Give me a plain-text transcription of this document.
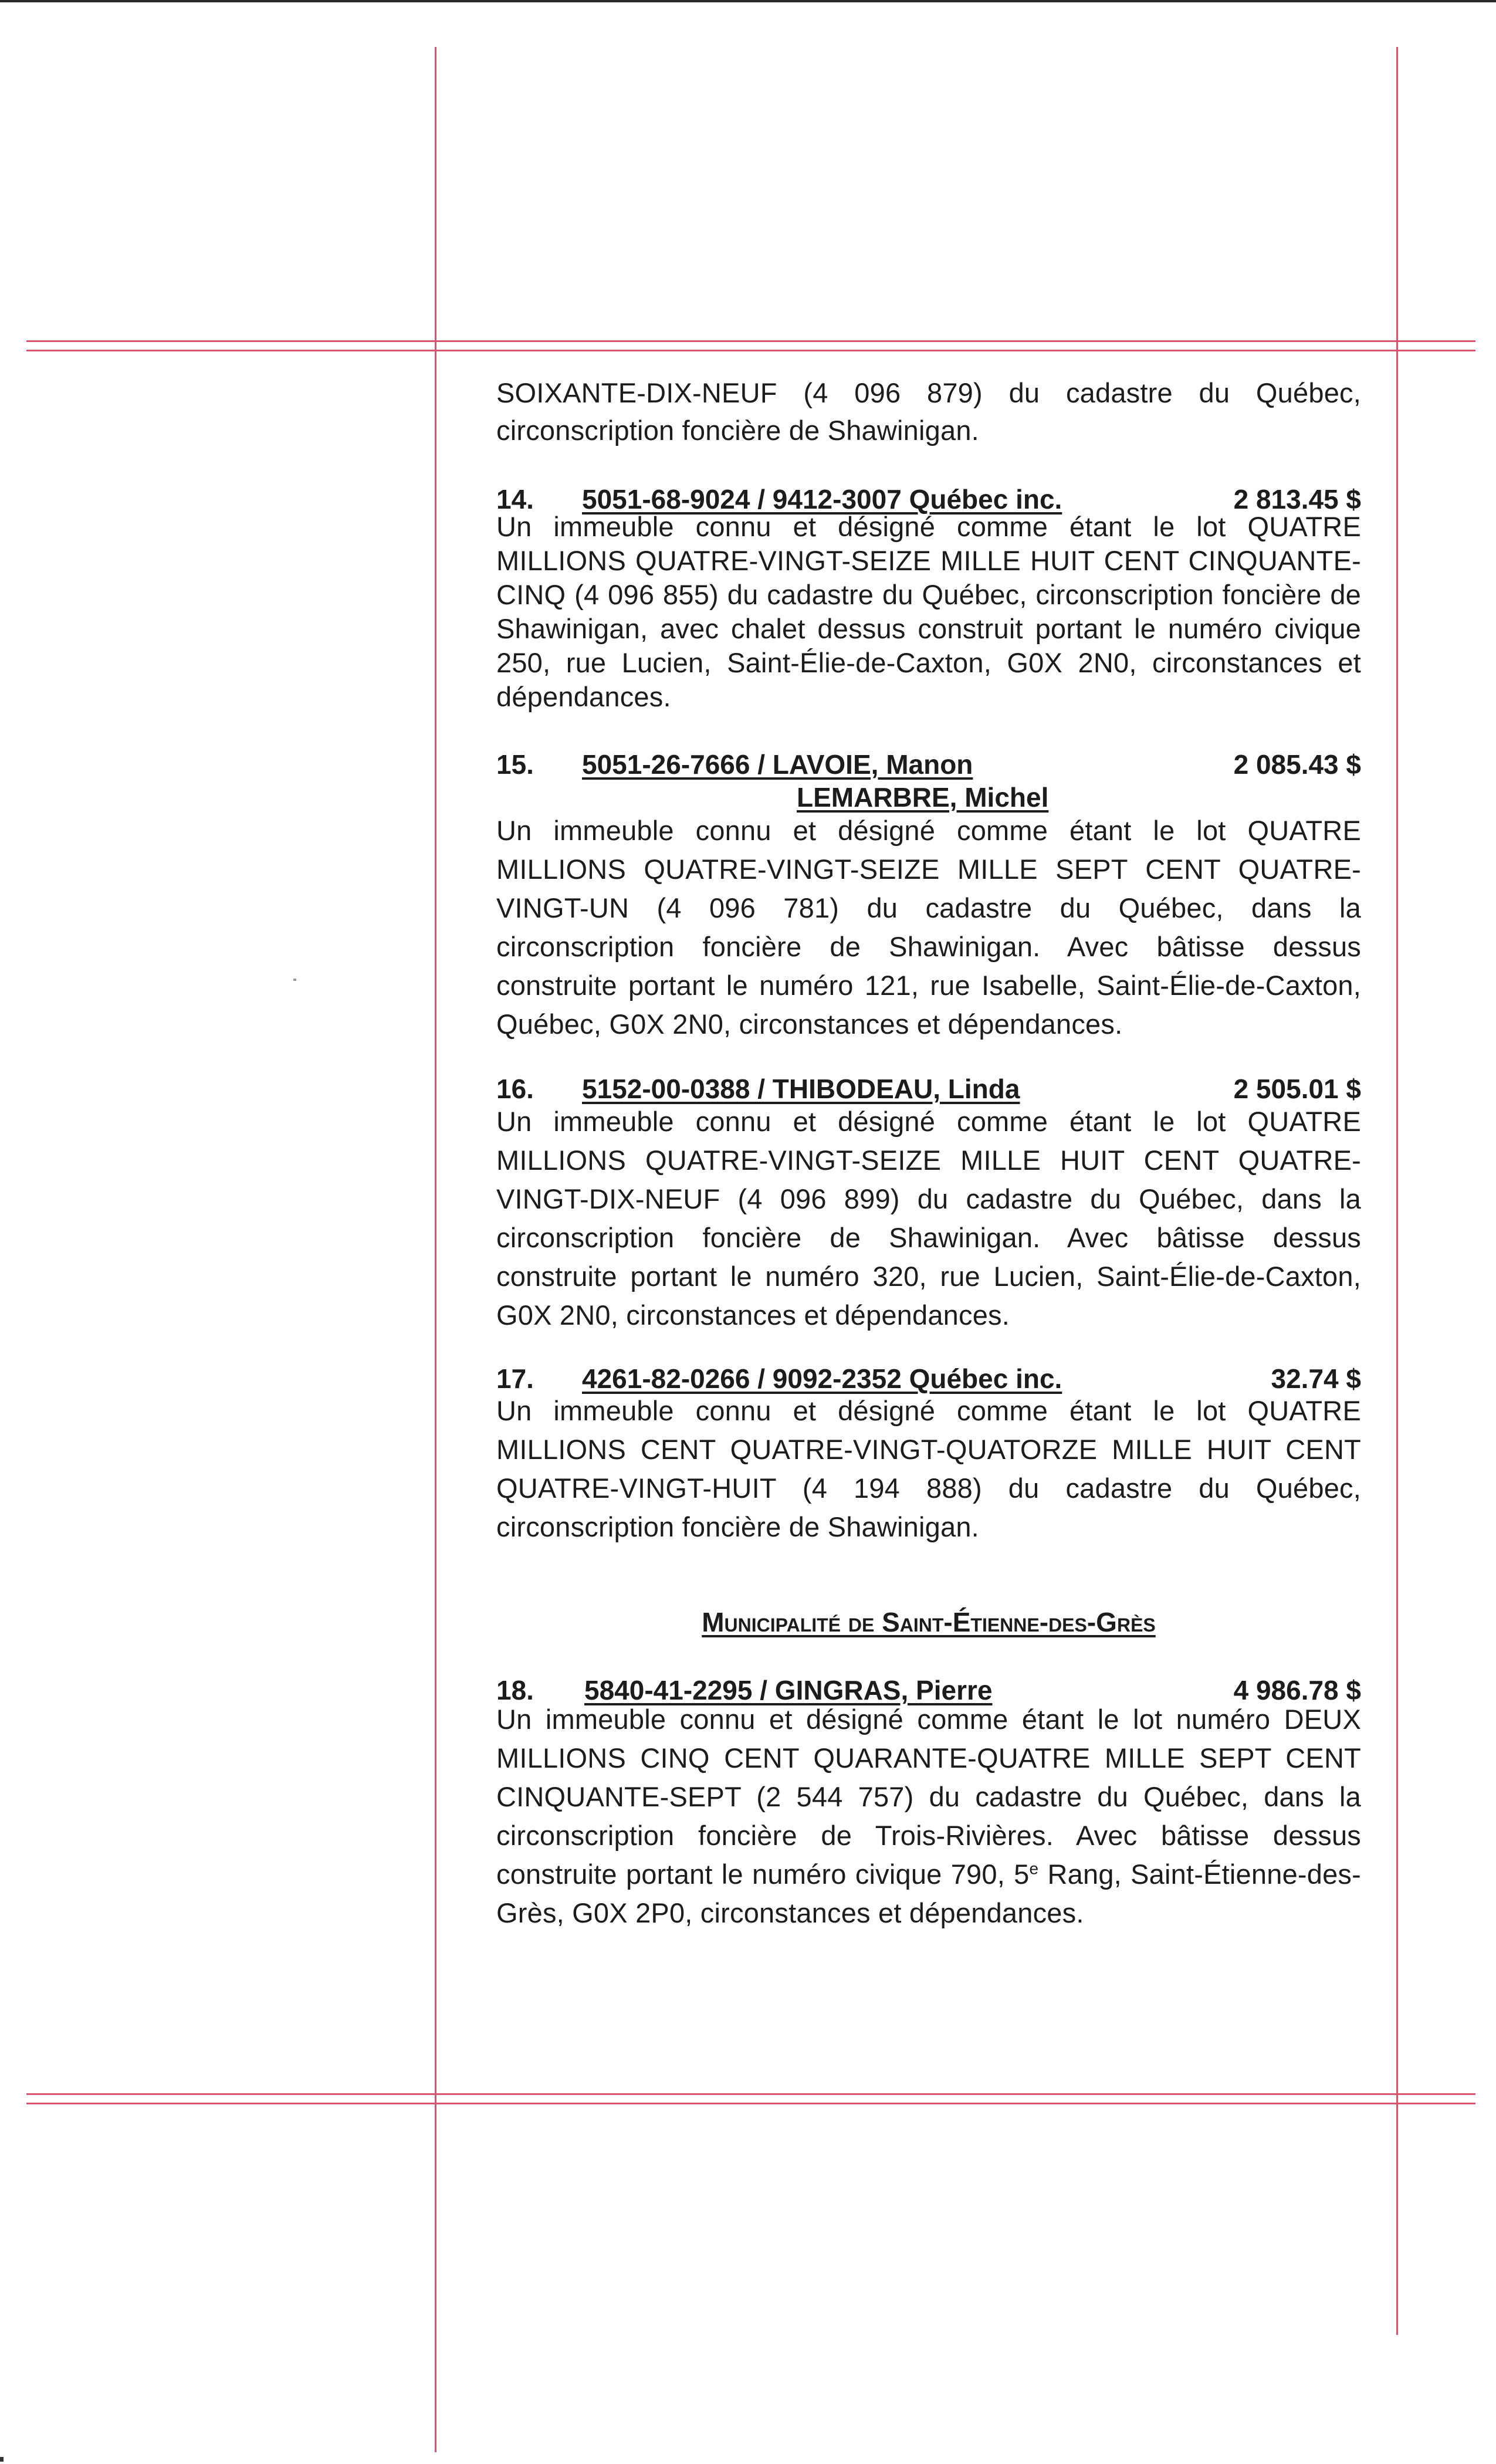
SOIXANTE-DIX-NEUF (4 096 879) du cadastre du Québec, circonscription foncière de Shawinigan.
14. 5051-68-9024 / 9412-3007 Québec inc.	2 813.45 $
Un immeuble connu et désigné comme étant le lot QUATRE MILLIONS QUATRE-VINGT-SEIZE MILLE HUIT CENT CINQUANTE-CINQ (4 096 855) du cadastre du Québec, circonscription foncière de Shawinigan, avec chalet dessus construit portant le numéro civique 250, rue Lucien, Saint-Élie-de-Caxton, G0X 2N0, circonstances et dépendances.
15. 5051-26-7666 / LAVOIE, Manon	2 085.43 $
LEMARBRE, Michel
Un immeuble connu et désigné comme étant le lot QUATRE MILLIONS QUATRE-VINGT-SEIZE MILLE SEPT CENT QUATRE-VINGT-UN (4 096 781) du cadastre du Québec, dans la circonscription foncière de Shawinigan. Avec bâtisse dessus construite portant le numéro 121, rue Isabelle, Saint-Élie-de-Caxton, Québec, G0X 2N0, circonstances et dépendances.
16. 5152-00-0388 / THIBODEAU, Linda	2 505.01 $
Un immeuble connu et désigné comme étant le lot QUATRE MILLIONS QUATRE-VINGT-SEIZE MILLE HUIT CENT QUATRE-VINGT-DIX-NEUF (4 096 899) du cadastre du Québec, dans la circonscription foncière de Shawinigan. Avec bâtisse dessus construite portant le numéro 320, rue Lucien, Saint-Élie-de-Caxton, G0X 2N0, circonstances et dépendances.
17. 4261-82-0266 / 9092-2352 Québec inc.	32.74 $
Un immeuble connu et désigné comme étant le lot QUATRE MILLIONS CENT QUATRE-VINGT-QUATORZE MILLE HUIT CENT QUATRE-VINGT-HUIT (4 194 888) du cadastre du Québec, circonscription foncière de Shawinigan.
Municipalité de Saint-Étienne-des-Grès
18. 5840-41-2295 / GINGRAS, Pierre	4 986.78 $
Un immeuble connu et désigné comme étant le lot numéro DEUX MILLIONS CINQ CENT QUARANTE-QUATRE MILLE SEPT CENT CINQUANTE-SEPT (2 544 757) du cadastre du Québec, dans la circonscription foncière de Trois-Rivières. Avec bâtisse dessus construite portant le numéro civique 790, 5e Rang, Saint-Étienne-des-Grès, G0X 2P0, circonstances et dépendances.
